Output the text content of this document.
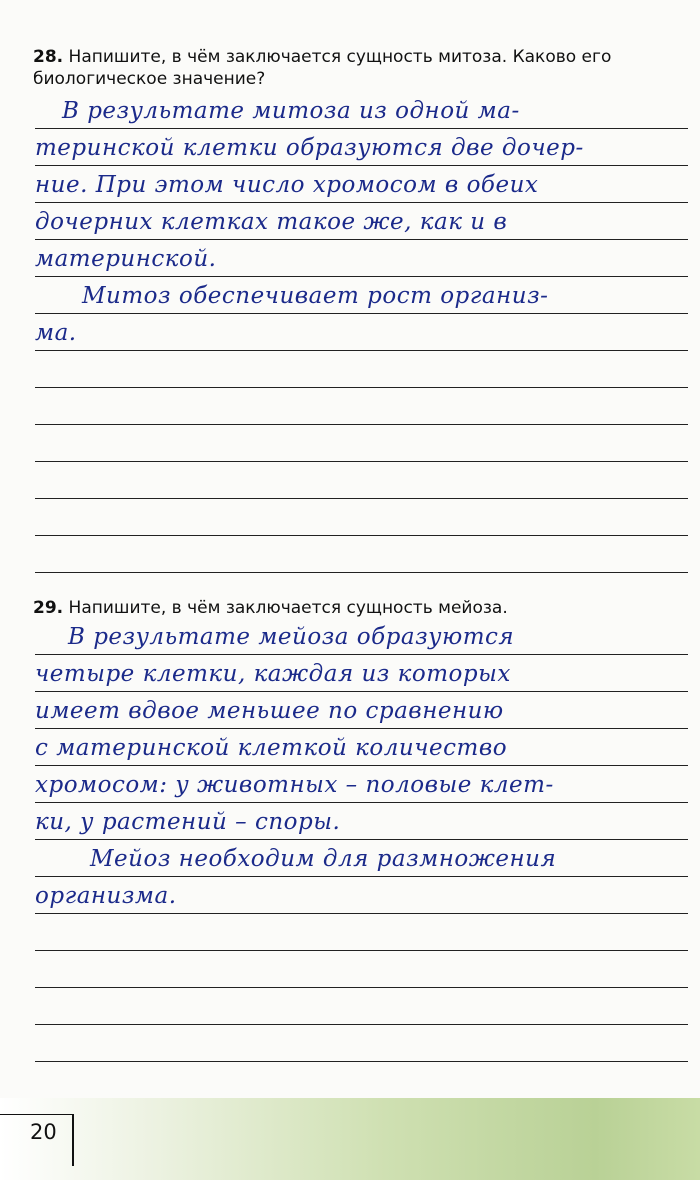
28. Напишите, в чём заключается сущность митоза. Каково его
биологическое значение?
В результате митоза из одной ма-
теринской клетки образуются две дочер-
ние. При этом число хромосом в обеих
дочерних клетках такое же, как и в
материнской.
Митоз обеспечивает рост организ-
ма.
29. Напишите, в чём заключается сущность мейоза.
В результате мейоза образуются
четыре клетки, каждая из которых
имеет вдвое меньшее по сравнению
с материнской клеткой количество
хромосом: у животных – половые клет-
ки, у растений – споры.
Мейоз необходим для размножения
организма.
20
